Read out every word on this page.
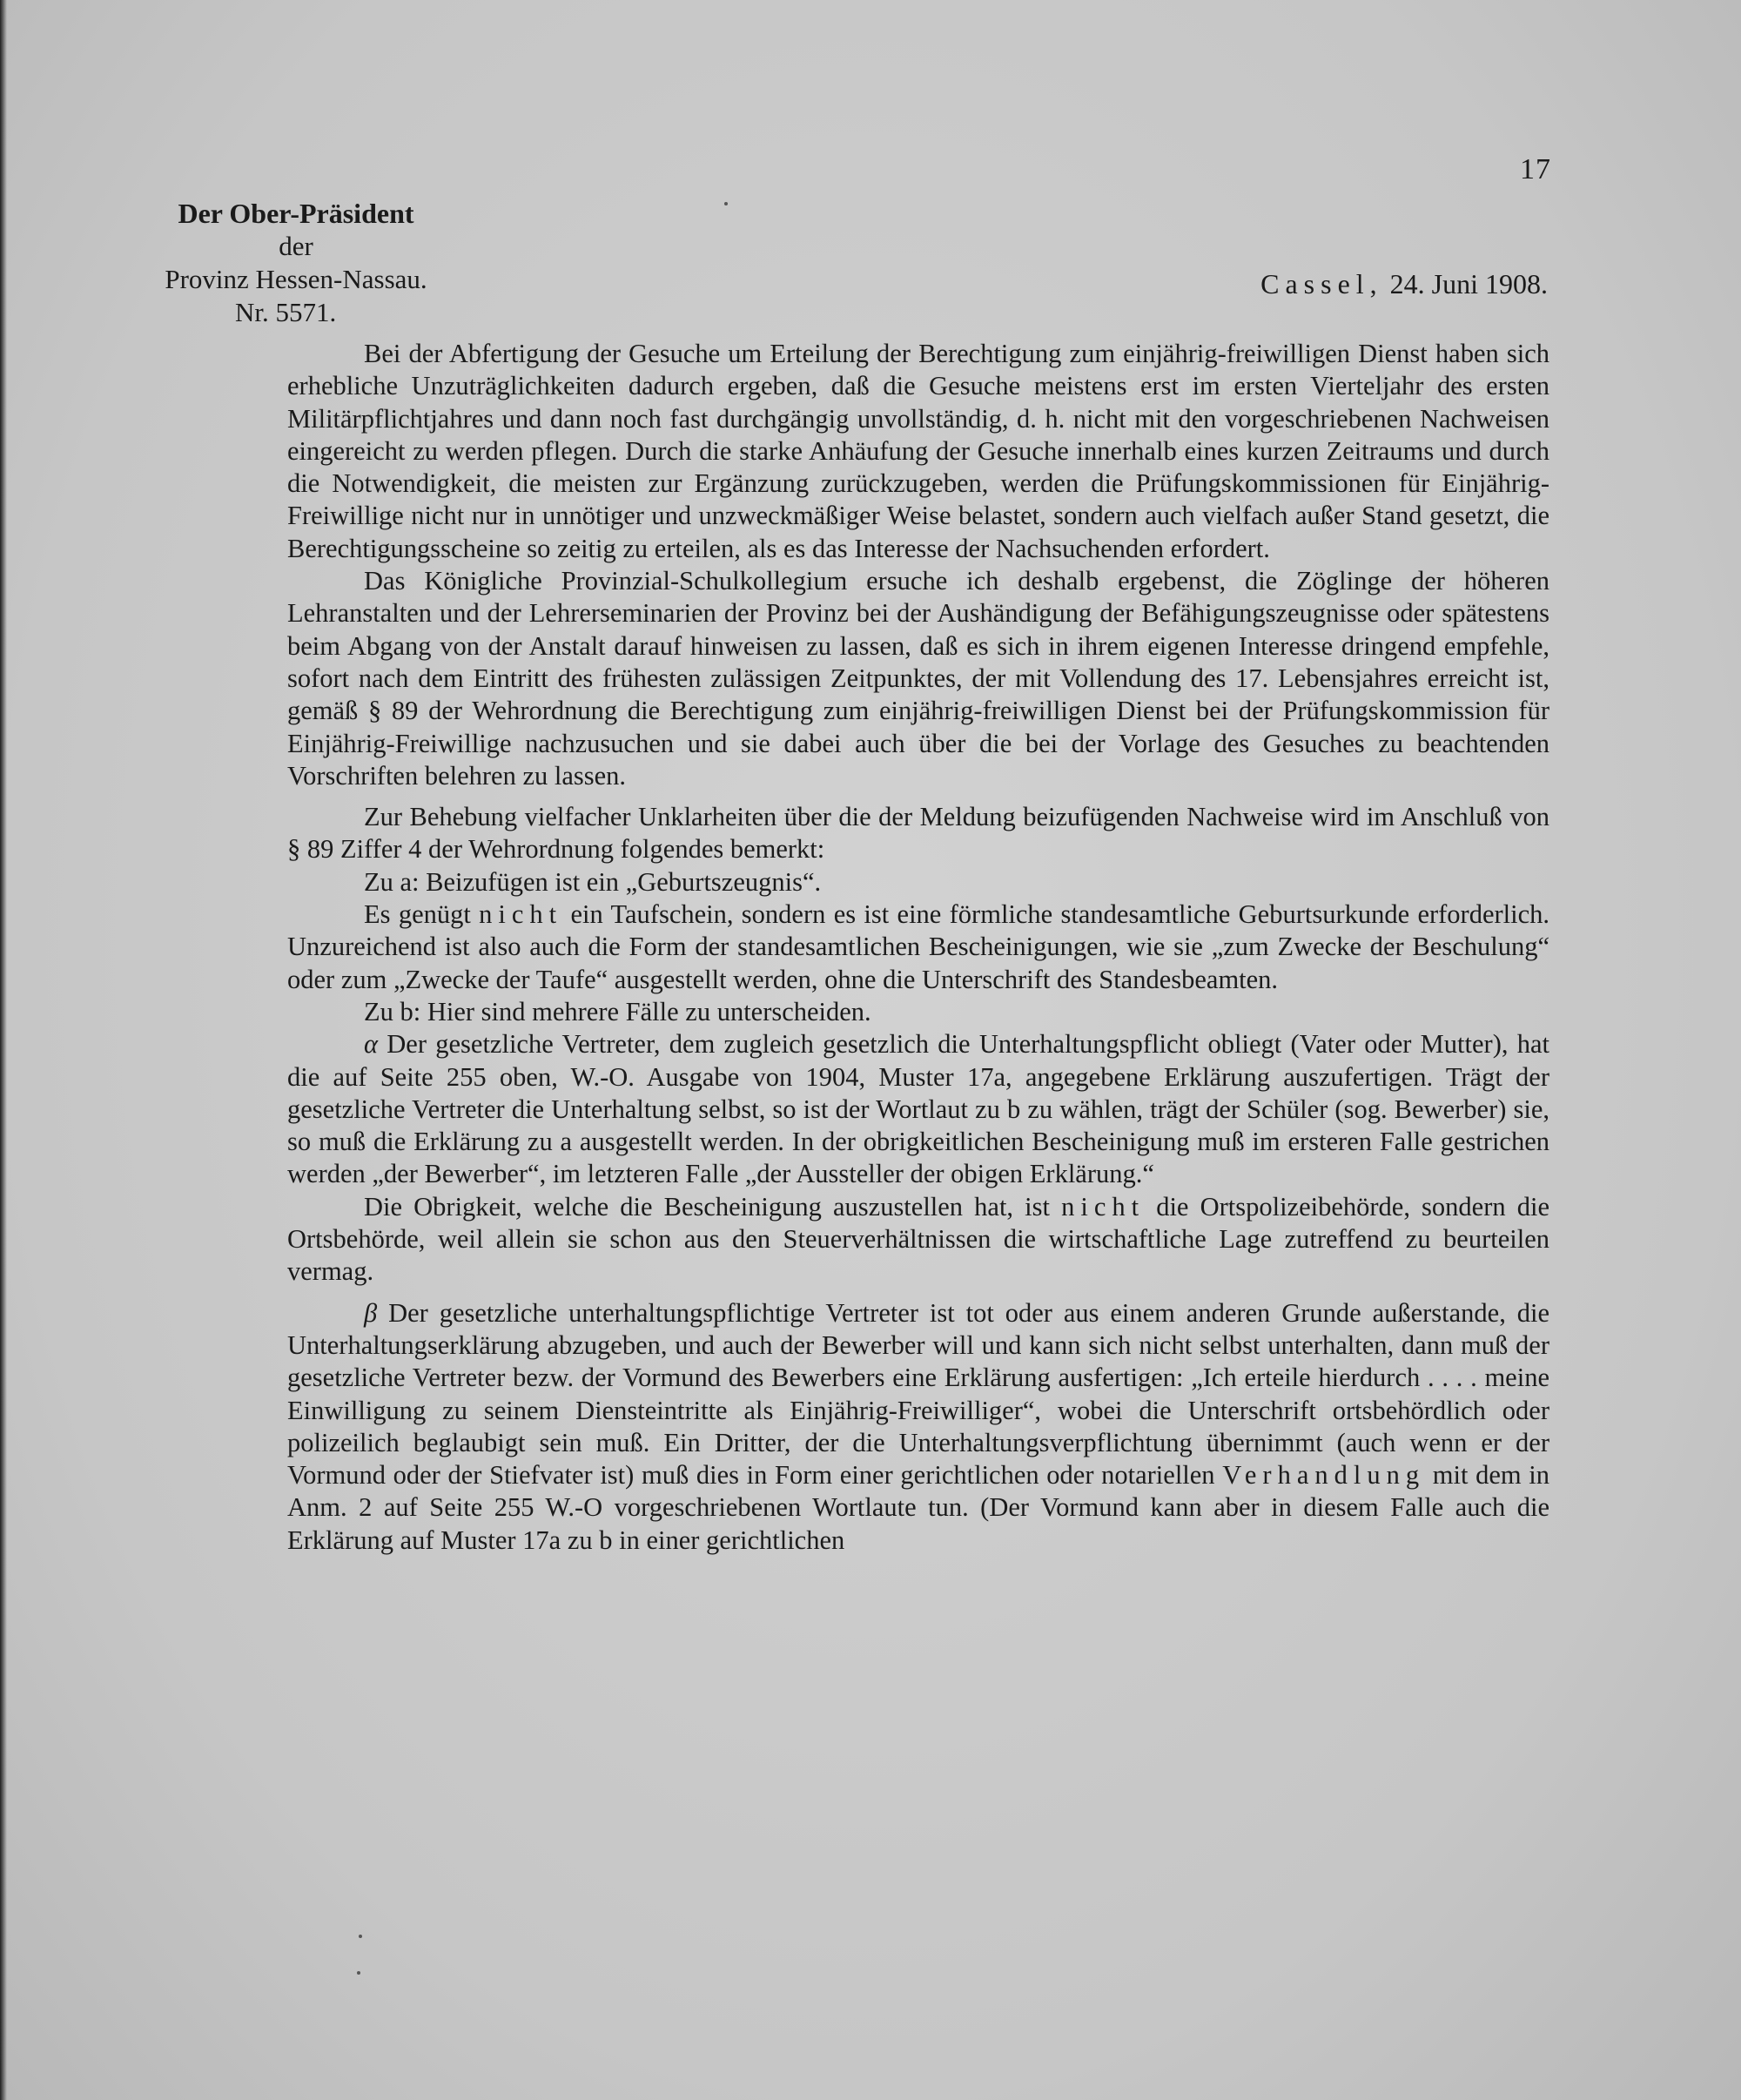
17
Der Ober-Präsident
der
Provinz Hessen-Nassau.
Nr. 5571.
Cassel, 24. Juni 1908.

Bei der Abfertigung der Gesuche um Erteilung der Berechtigung zum einjährig-freiwilligen Dienst haben sich erhebliche Unzuträglichkeiten dadurch ergeben, daß die Gesuche meistens erst im ersten Vierteljahr des ersten Militärpflichtjahres und dann noch fast durchgängig unvollständig, d. h. nicht mit den vorgeschriebenen Nachweisen eingereicht zu werden pflegen. Durch die starke Anhäufung der Gesuche innerhalb eines kurzen Zeitraums und durch die Notwendigkeit, die meisten zur Ergänzung zurückzugeben, werden die Prüfungskommissionen für Einjährig-Freiwillige nicht nur in unnötiger und unzweckmäßiger Weise belastet, sondern auch vielfach außer Stand gesetzt, die Berechtigungsscheine so zeitig zu erteilen, als es das Interesse der Nachsuchenden erfordert.

Das Königliche Provinzial-Schulkollegium ersuche ich deshalb ergebenst, die Zöglinge der höheren Lehranstalten und der Lehrerseminarien der Provinz bei der Aushändigung der Befähigungszeugnisse oder spätestens beim Abgang von der Anstalt darauf hinweisen zu lassen, daß es sich in ihrem eigenen Interesse dringend empfehle, sofort nach dem Eintritt des frühesten zulässigen Zeitpunktes, der mit Vollendung des 17. Lebensjahres erreicht ist, gemäß § 89 der Wehrordnung die Berechtigung zum einjährig-freiwilligen Dienst bei der Prüfungskommission für Einjährig-Freiwillige nachzusuchen und sie dabei auch über die bei der Vorlage des Gesuches zu beachtenden Vorschriften belehren zu lassen.

Zur Behebung vielfacher Unklarheiten über die der Meldung beizufügenden Nachweise wird im Anschluß von § 89 Ziffer 4 der Wehrordnung folgendes bemerkt:

Zu a: Beizufügen ist ein „Geburtszeugnis“.

Es genügt nicht ein Taufschein, sondern es ist eine förmliche standesamtliche Geburtsurkunde erforderlich. Unzureichend ist also auch die Form der standesamtlichen Bescheinigungen, wie sie „zum Zwecke der Beschulung“ oder zum „Zwecke der Taufe“ ausgestellt werden, ohne die Unterschrift des Standesbeamten.

Zu b: Hier sind mehrere Fälle zu unterscheiden.

α Der gesetzliche Vertreter, dem zugleich gesetzlich die Unterhaltungspflicht obliegt (Vater oder Mutter), hat die auf Seite 255 oben, W.-O. Ausgabe von 1904, Muster 17a, angegebene Erklärung auszufertigen. Trägt der gesetzliche Vertreter die Unterhaltung selbst, so ist der Wortlaut zu b zu wählen, trägt der Schüler (sog. Bewerber) sie, so muß die Erklärung zu a ausgestellt werden. In der obrigkeitlichen Bescheinigung muß im ersteren Falle gestrichen werden „der Bewerber“, im letzteren Falle „der Aussteller der obigen Erklärung.“

Die Obrigkeit, welche die Bescheinigung auszustellen hat, ist nicht die Ortspolizeibehörde, sondern die Ortsbehörde, weil allein sie schon aus den Steuerverhältnissen die wirtschaftliche Lage zutreffend zu beurteilen vermag.

β Der gesetzliche unterhaltungspflichtige Vertreter ist tot oder aus einem anderen Grunde außerstande, die Unterhaltungserklärung abzugeben, und auch der Bewerber will und kann sich nicht selbst unterhalten, dann muß der gesetzliche Vertreter bezw. der Vormund des Bewerbers eine Erklärung ausfertigen: „Ich erteile hierdurch . . . . meine Einwilligung zu seinem Diensteintritte als Einjährig-Freiwilliger“, wobei die Unterschrift ortsbehördlich oder polizeilich beglaubigt sein muß. Ein Dritter, der die Unterhaltungsverpflichtung übernimmt (auch wenn er der Vormund oder der Stiefvater ist) muß dies in Form einer gerichtlichen oder notariellen Verhandlung mit dem in Anm. 2 auf Seite 255 W.-O vorgeschriebenen Wortlaute tun. (Der Vormund kann aber in diesem Falle auch die Erklärung auf Muster 17a zu b in einer gerichtlichen
